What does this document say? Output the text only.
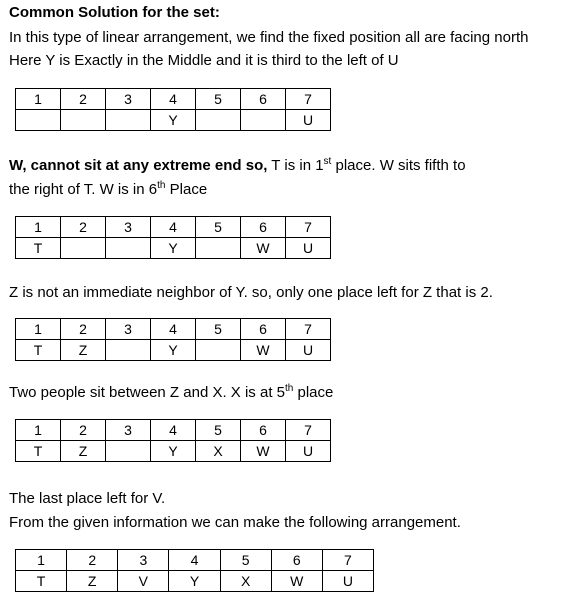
Common Solution for the set:
In this type of linear arrangement, we find the fixed position all are facing north
Here Y is Exactly in the Middle and it is third to the left of U
1	2	3	4	5	6	7
			Y			U
W, cannot sit at any extreme end so, T is in 1st place. W sits fifth to
the right of T. W is in 6th Place
1	2	3	4	5	6	7
T			Y		W	U
Z is not an immediate neighbor of Y. so, only one place left for Z that is 2.
1	2	3	4	5	6	7
T	Z		Y		W	U
Two people sit between Z and X. X is at 5th place
1	2	3	4	5	6	7
T	Z		Y	X	W	U
The last place left for V.
From the given information we can make the following arrangement.
1	2	3	4	5	6	7
T	Z	V	Y	X	W	U
